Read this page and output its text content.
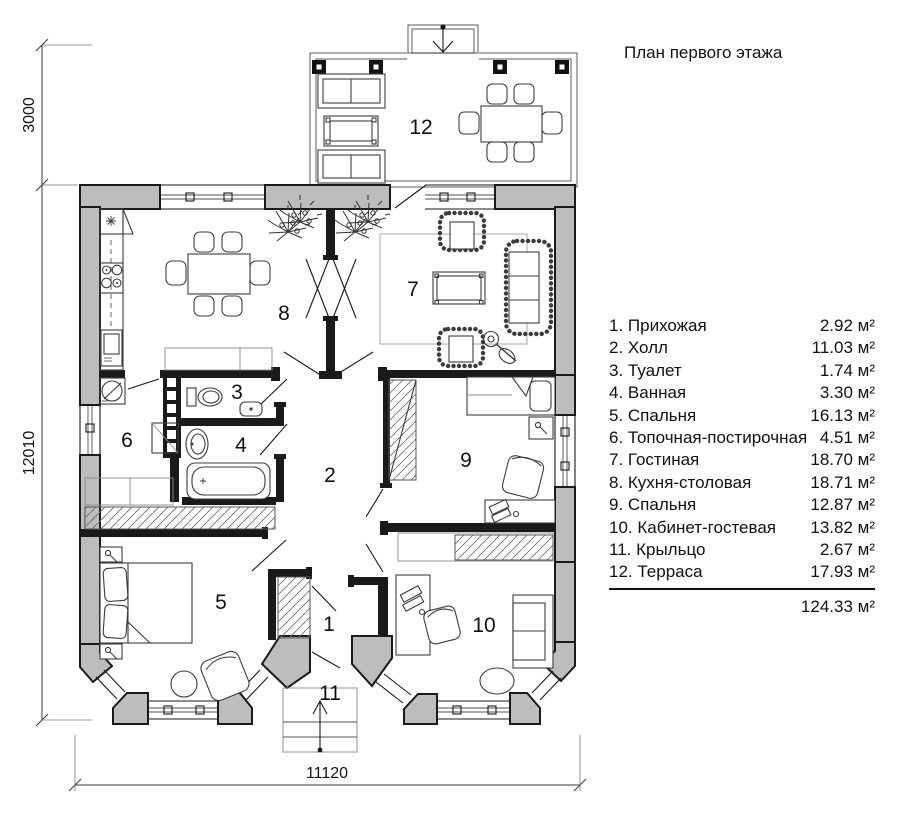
1
2
3
4
5
6
7
8
9
10
11
12
3000
12010
11120
План первого этажа
1. Прихожая	2.92 м²
2. Холл	11.03 м²
3. Туалет	1.74 м²
4. Ванная	3.30 м²
5. Спальня	16.13 м²
6. Топочная-постирочная 4.51 м²
7. Гостиная	18.70 м²
8. Кухня-столовая	18.71 м²
9. Спальня	12.87 м²
10. Кабинет-гостевая 13.82 м²
11. Крыльцо	2.67 м²
12. Терраса	17.93 м²
124.33 м²
